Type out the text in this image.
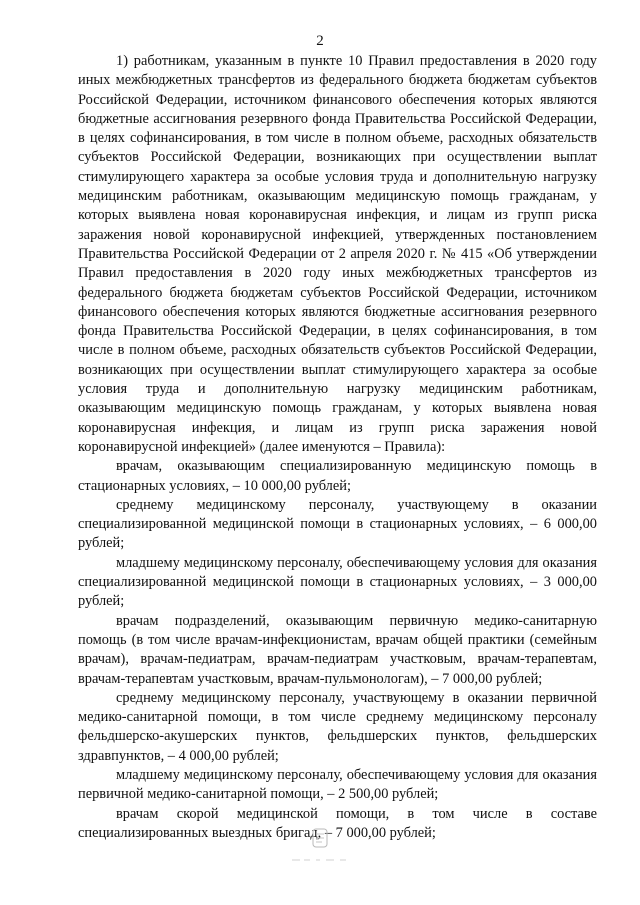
2

1) работникам, указанным в пункте 10 Правил предоставления в 2020 году иных межбюджетных трансфертов из федерального бюджета бюджетам субъектов Российской Федерации, источником финансового обеспечения которых являются бюджетные ассигнования резервного фонда Правительства Российской Федерации, в целях софинансирования, в том числе в полном объеме, расходных обязательств субъектов Российской Федерации, возникающих при осуществлении выплат стимулирующего характера за особые условия труда и дополнительную нагрузку медицинским работникам, оказывающим медицинскую помощь гражданам, у которых выявлена новая коронавирусная инфекция, и лицам из групп риска заражения новой коронавирусной инфекцией, утвержденных постановлением Правительства Российской Федерации от 2 апреля 2020 г. № 415 «Об утверждении Правил предоставления в 2020 году иных межбюджетных трансфертов из федерального бюджета бюджетам субъектов Российской Федерации, источником финансового обеспечения которых являются бюджетные ассигнования резервного фонда Правительства Российской Федерации, в целях софинансирования, в том числе в полном объеме, расходных обязательств субъектов Российской Федерации, возникающих при осуществлении выплат стимулирующего характера за особые условия труда и дополнительную нагрузку медицинским работникам, оказывающим медицинскую помощь гражданам, у которых выявлена новая коронавирусная инфекция, и лицам из групп риска заражения новой коронавирусной инфекцией» (далее именуются – Правила):

врачам, оказывающим специализированную медицинскую помощь в стационарных условиях, – 10 000,00 рублей;

среднему медицинскому персоналу, участвующему в оказании специализированной медицинской помощи в стационарных условиях, – 6 000,00 рублей;

младшему медицинскому персоналу, обеспечивающему условия для оказания специализированной медицинской помощи в стационарных условиях, – 3 000,00 рублей;

врачам подразделений, оказывающим первичную медико-санитарную помощь (в том числе врачам-инфекционистам, врачам общей практики (семейным врачам), врачам-педиатрам, врачам-педиатрам участковым, врачам-терапевтам, врачам-терапевтам участковым, врачам-пульмонологам), – 7 000,00 рублей;

среднему медицинскому персоналу, участвующему в оказании первичной медико-санитарной помощи, в том числе среднему медицинскому персоналу фельдшерско-акушерских пунктов, фельдшерских пунктов, фельдшерских здравпунктов, – 4 000,00 рублей;

младшему медицинскому персоналу, обеспечивающему условия для оказания первичной медико-санитарной помощи, – 2 500,00 рублей;

врачам скорой медицинской помощи, в том числе в составе специализированных выездных бригад, – 7 000,00 рублей;
